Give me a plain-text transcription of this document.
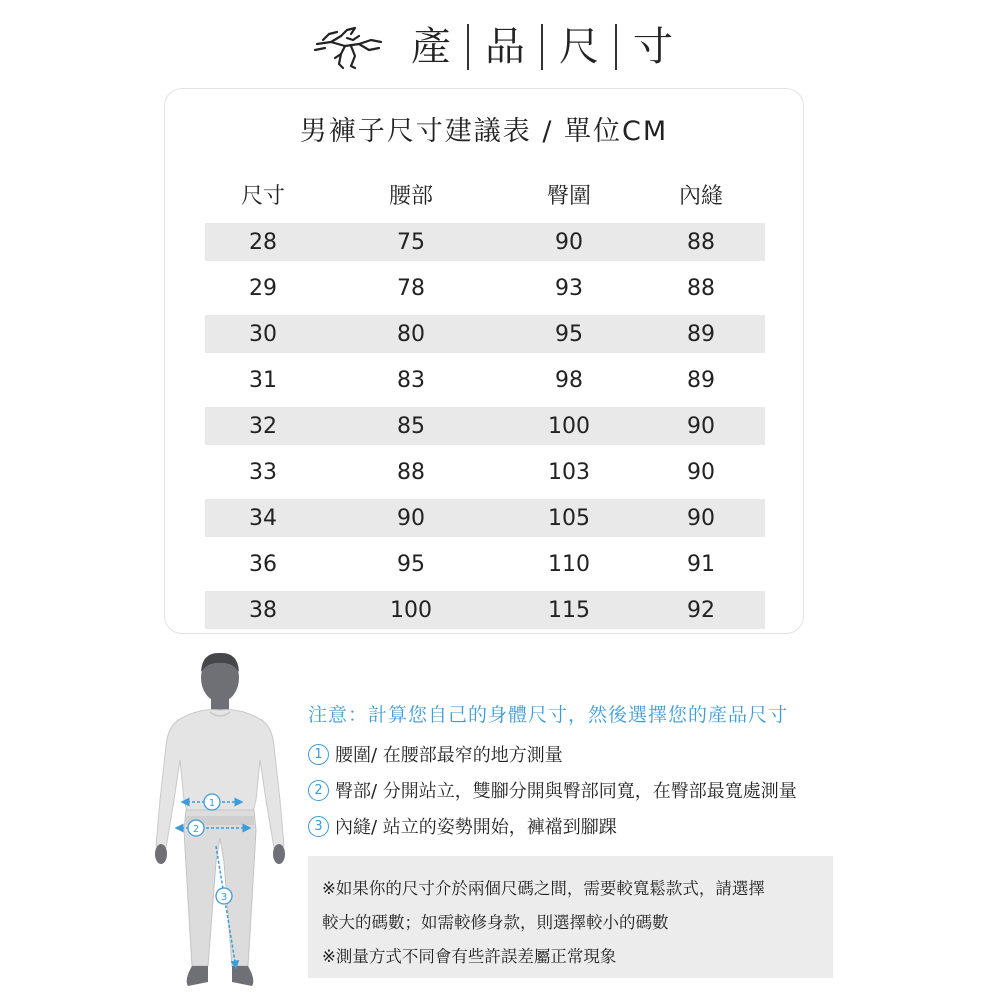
產 品 尺 寸
男褲子尺寸建議表 / 單位CM
尺寸	腰部	臀圍	內縫
28	75	90	88
29	78	93	88
30	80	95	89
31	83	98	89
32	85	100	90
33	88	103	90
34	90	105	90
36	95	110	91
38	100	115	92
1
2
3
注意：計算您自己的身體尺寸，然後選擇您的產品尺寸
1 腰圍/ 在腰部最窄的地方測量
2 臀部/ 分開站立，雙腳分開與臀部同寬，在臀部最寬處測量
3 內縫/ 站立的姿勢開始，褲襠到腳踝
※如果你的尺寸介於兩個尺碼之間，需要較寬鬆款式，請選擇
較大的碼數；如需較修身款，則選擇較小的碼數
※測量方式不同會有些許誤差屬正常現象
